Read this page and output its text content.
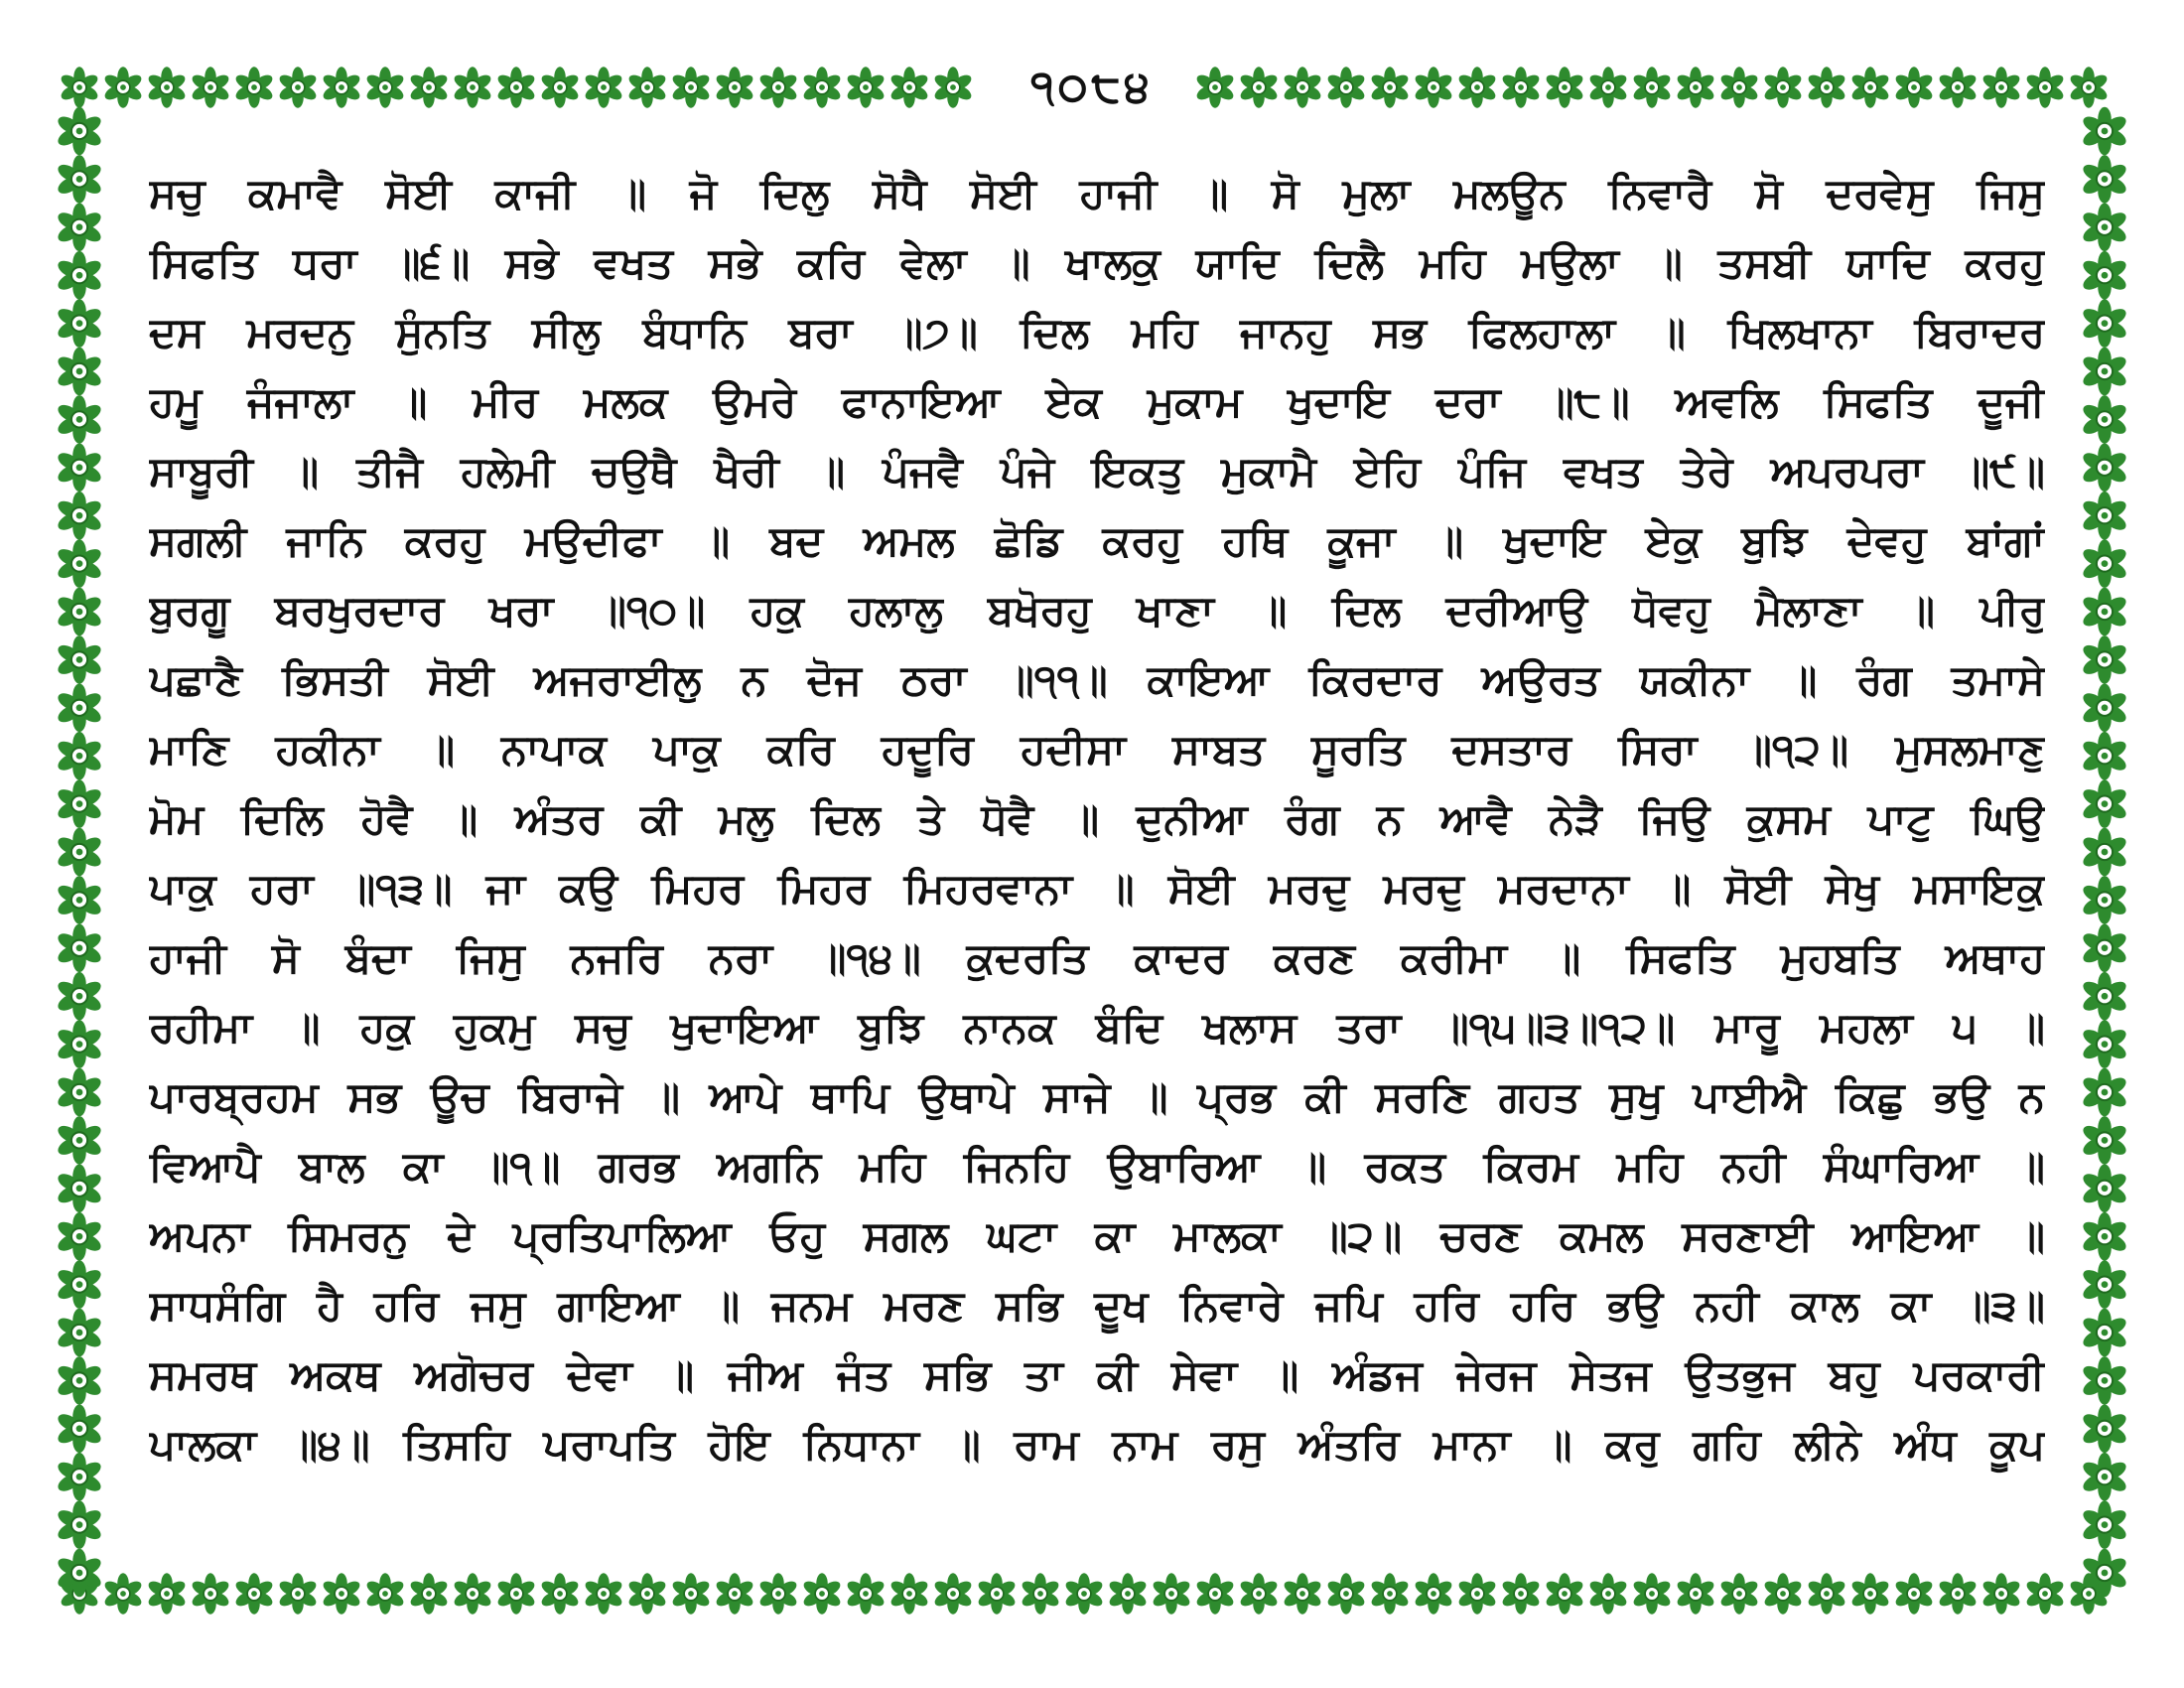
੧੦੮੪
ਸਚੁ ਕਮਾਵੈ ਸੋਈ ਕਾਜੀ ॥ ਜੋ ਦਿਲੁ ਸੋਧੈ ਸੋਈ ਹਾਜੀ ॥ ਸੋ ਮੁਲਾ ਮਲਊਨ ਨਿਵਾਰੈ ਸੋ ਦਰਵੇਸੁ ਜਿਸੁ
ਸਿਫਤਿ ਧਰਾ ॥੬॥ ਸਭੇ ਵਖਤ ਸਭੇ ਕਰਿ ਵੇਲਾ ॥ ਖਾਲਕੁ ਯਾਦਿ ਦਿਲੈ ਮਹਿ ਮਉਲਾ ॥ ਤਸਬੀ ਯਾਦਿ ਕਰਹੁ
ਦਸ ਮਰਦਨੁ ਸੁੰਨਤਿ ਸੀਲੁ ਬੰਧਾਨਿ ਬਰਾ ॥੭॥ ਦਿਲ ਮਹਿ ਜਾਨਹੁ ਸਭ ਫਿਲਹਾਲਾ ॥ ਖਿਲਖਾਨਾ ਬਿਰਾਦਰ
ਹਮੂ ਜੰਜਾਲਾ ॥ ਮੀਰ ਮਲਕ ਉਮਰੇ ਫਾਨਾਇਆ ਏਕ ਮੁਕਾਮ ਖੁਦਾਇ ਦਰਾ ॥੮॥ ਅਵਲਿ ਸਿਫਤਿ ਦੂਜੀ
ਸਾਬੂਰੀ ॥ ਤੀਜੈ ਹਲੇਮੀ ਚਉਥੈ ਖੈਰੀ ॥ ਪੰਜਵੈ ਪੰਜੇ ਇਕਤੁ ਮੁਕਾਮੈ ਏਹਿ ਪੰਜਿ ਵਖਤ ਤੇਰੇ ਅਪਰਪਰਾ ॥੯॥
ਸਗਲੀ ਜਾਨਿ ਕਰਹੁ ਮਉਦੀਫਾ ॥ ਬਦ ਅਮਲ ਛੋਡਿ ਕਰਹੁ ਹਥਿ ਕੂਜਾ ॥ ਖੁਦਾਇ ਏਕੁ ਬੁਝਿ ਦੇਵਹੁ ਬਾਂਗਾਂ
ਬੁਰਗੂ ਬਰਖੁਰਦਾਰ ਖਰਾ ॥੧੦॥ ਹਕੁ ਹਲਾਲੁ ਬਖੋਰਹੁ ਖਾਣਾ ॥ ਦਿਲ ਦਰੀਆਉ ਧੋਵਹੁ ਮੈਲਾਣਾ ॥ ਪੀਰੁ
ਪਛਾਣੈ ਭਿਸਤੀ ਸੋਈ ਅਜਰਾਈਲੁ ਨ ਦੋਜ ਠਰਾ ॥੧੧॥ ਕਾਇਆ ਕਿਰਦਾਰ ਅਉਰਤ ਯਕੀਨਾ ॥ ਰੰਗ ਤਮਾਸੇ
ਮਾਣਿ ਹਕੀਨਾ ॥ ਨਾਪਾਕ ਪਾਕੁ ਕਰਿ ਹਦੂਰਿ ਹਦੀਸਾ ਸਾਬਤ ਸੂਰਤਿ ਦਸਤਾਰ ਸਿਰਾ ॥੧੨॥ ਮੁਸਲਮਾਣੁ
ਮੋਮ ਦਿਲਿ ਹੋਵੈ ॥ ਅੰਤਰ ਕੀ ਮਲੁ ਦਿਲ ਤੇ ਧੋਵੈ ॥ ਦੁਨੀਆ ਰੰਗ ਨ ਆਵੈ ਨੇੜੈ ਜਿਉ ਕੁਸਮ ਪਾਟੁ ਘਿਉ
ਪਾਕੁ ਹਰਾ ॥੧੩॥ ਜਾ ਕਉ ਮਿਹਰ ਮਿਹਰ ਮਿਹਰਵਾਨਾ ॥ ਸੋਈ ਮਰਦੁ ਮਰਦੁ ਮਰਦਾਨਾ ॥ ਸੋਈ ਸੇਖੁ ਮਸਾਇਕੁ
ਹਾਜੀ ਸੋ ਬੰਦਾ ਜਿਸੁ ਨਜਰਿ ਨਰਾ ॥੧੪॥ ਕੁਦਰਤਿ ਕਾਦਰ ਕਰਣ ਕਰੀਮਾ ॥ ਸਿਫਤਿ ਮੁਹਬਤਿ ਅਥਾਹ
ਰਹੀਮਾ ॥ ਹਕੁ ਹੁਕਮੁ ਸਚੁ ਖੁਦਾਇਆ ਬੁਝਿ ਨਾਨਕ ਬੰਦਿ ਖਲਾਸ ਤਰਾ ॥੧੫॥੩॥੧੨॥ ਮਾਰੂ ਮਹਲਾ ੫ ॥
ਪਾਰਬ੍ਰਹਮ ਸਭ ਊਚ ਬਿਰਾਜੇ ॥ ਆਪੇ ਥਾਪਿ ਉਥਾਪੇ ਸਾਜੇ ॥ ਪ੍ਰਭ ਕੀ ਸਰਣਿ ਗਹਤ ਸੁਖੁ ਪਾਈਐ ਕਿਛੁ ਭਉ ਨ
ਵਿਆਪੈ ਬਾਲ ਕਾ ॥੧॥ ਗਰਭ ਅਗਨਿ ਮਹਿ ਜਿਨਹਿ ਉਬਾਰਿਆ ॥ ਰਕਤ ਕਿਰਮ ਮਹਿ ਨਹੀ ਸੰਘਾਰਿਆ ॥
ਅਪਨਾ ਸਿਮਰਨੁ ਦੇ ਪ੍ਰਤਿਪਾਲਿਆ ਓਹੁ ਸਗਲ ਘਟਾ ਕਾ ਮਾਲਕਾ ॥੨॥ ਚਰਣ ਕਮਲ ਸਰਣਾਈ ਆਇਆ ॥
ਸਾਧਸੰਗਿ ਹੈ ਹਰਿ ਜਸੁ ਗਾਇਆ ॥ ਜਨਮ ਮਰਣ ਸਭਿ ਦੂਖ ਨਿਵਾਰੇ ਜਪਿ ਹਰਿ ਹਰਿ ਭਉ ਨਹੀ ਕਾਲ ਕਾ ॥੩॥
ਸਮਰਥ ਅਕਥ ਅਗੋਚਰ ਦੇਵਾ ॥ ਜੀਅ ਜੰਤ ਸਭਿ ਤਾ ਕੀ ਸੇਵਾ ॥ ਅੰਡਜ ਜੇਰਜ ਸੇਤਜ ਉਤਭੁਜ ਬਹੁ ਪਰਕਾਰੀ
ਪਾਲਕਾ ॥੪॥ ਤਿਸਹਿ ਪਰਾਪਤਿ ਹੋਇ ਨਿਧਾਨਾ ॥ ਰਾਮ ਨਾਮ ਰਸੁ ਅੰਤਰਿ ਮਾਨਾ ॥ ਕਰੁ ਗਹਿ ਲੀਨੇ ਅੰਧ ਕੂਪ
